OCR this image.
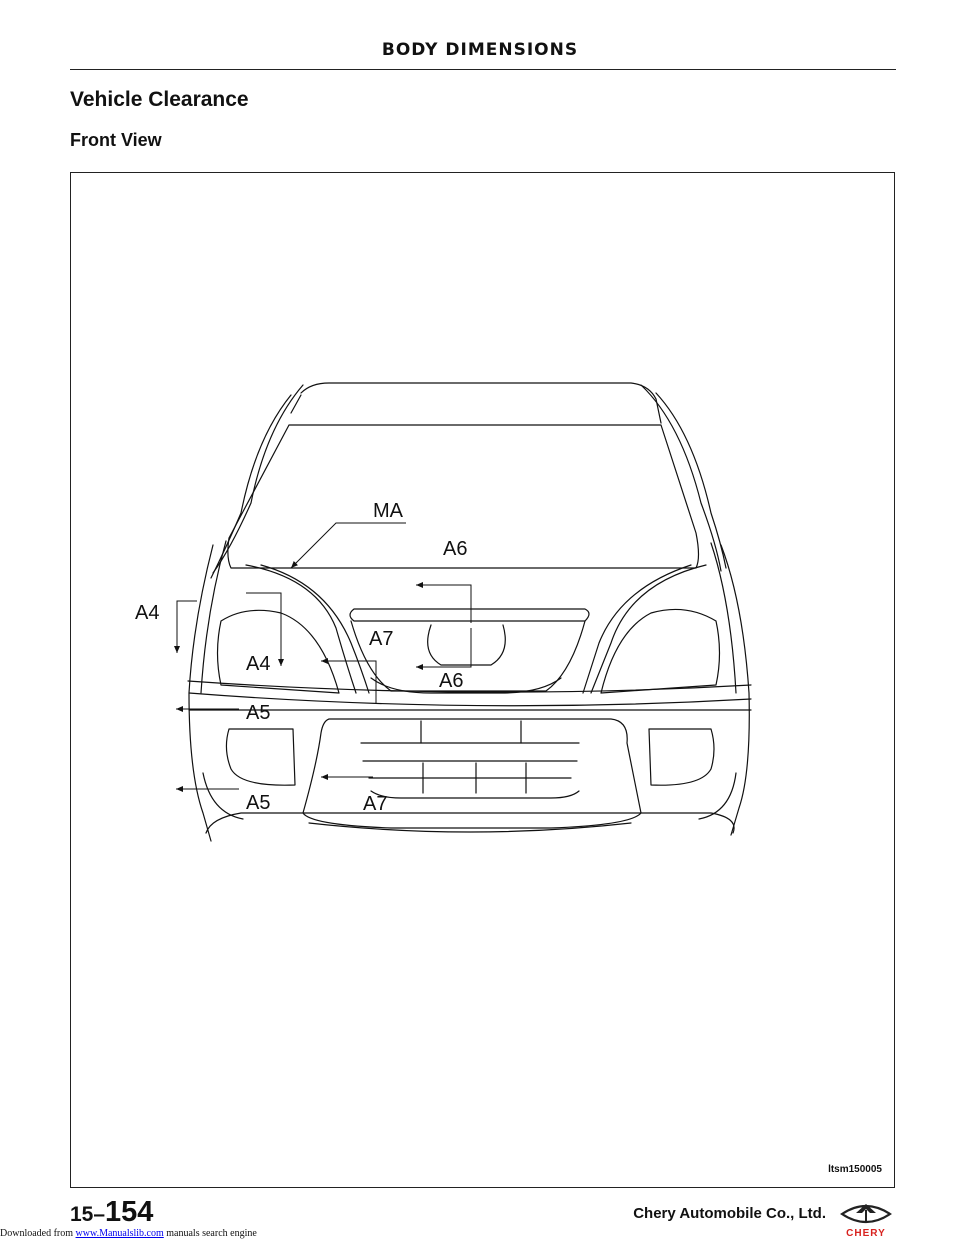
BODY DIMENSIONS
Vehicle Clearance
Front View
MA
A6
A4
A7
A4
A6
A5
A5	A7
ltsm150005
15–154	Chery Automobile Co., Ltd.
CHERY
Downloaded from www.Manualslib.com manuals search engine
